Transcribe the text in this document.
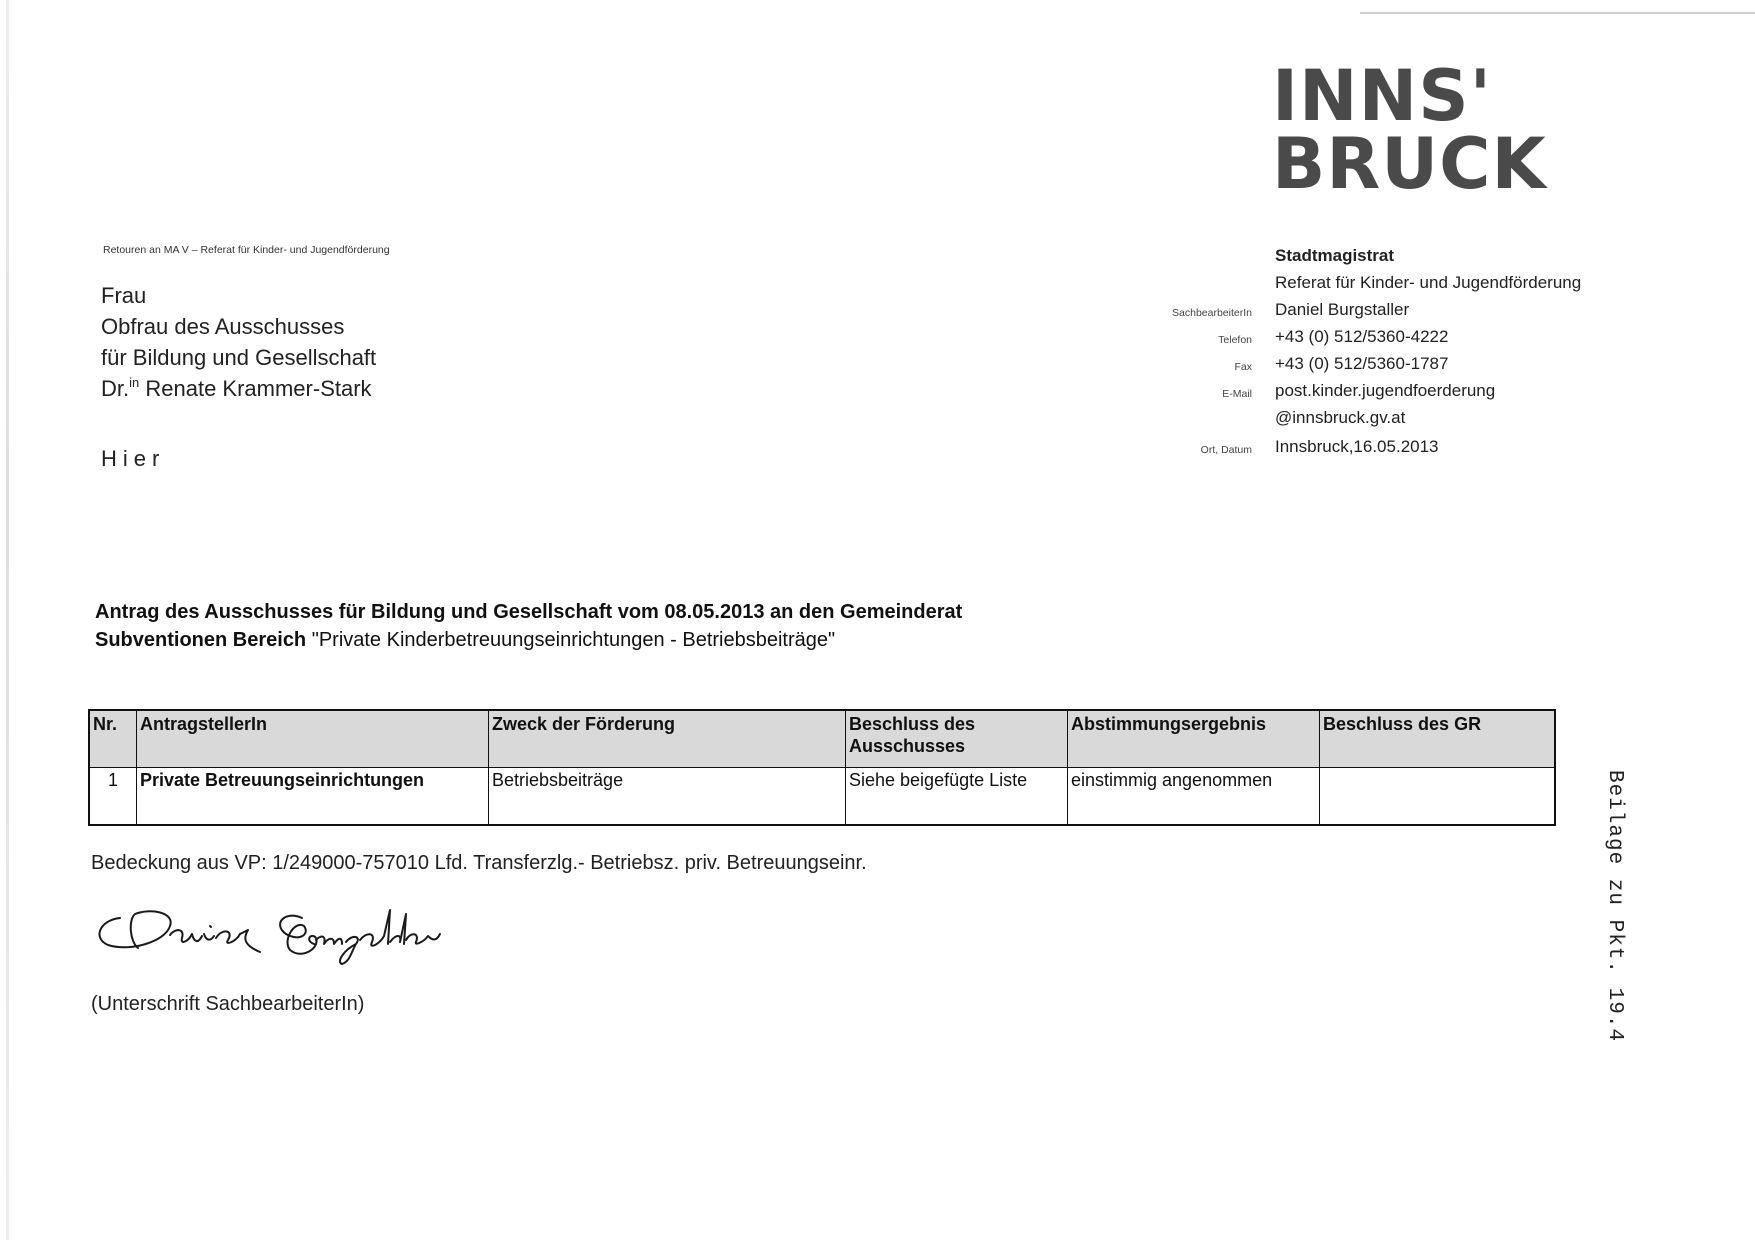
INNS'
BRUCK
Retouren an MA V – Referat für Kinder- und Jugendförderung
Frau
Obfrau des Ausschusses
für Bildung und Gesellschaft
Dr.$^{in}$ Renate Krammer-Stark
Hier
Stadtmagistrat
Referat für Kinder- und Jugendförderung
SachbearbeiterIn Daniel Burgstaller
Telefon +43 (0) 512/5360-4222
Fax +43 (0) 512/5360-1787
E-Mail post.kinder.jugendfoerderung
@innsbruck.gv.at
Ort, Datum Innsbruck,16.05.2013
Antrag des Ausschusses für Bildung und Gesellschaft vom 08.05.2013 an den Gemeinderat
Subventionen Bereich "Private Kinderbetreuungseinrichtungen - Betriebsbeiträge"
Nr.	AntragstellerIn	Zweck der Förderung	Beschluss des Ausschusses	Abstimmungsergebnis	Beschluss des GR
1	Private Betreuungseinrichtungen	Betriebsbeiträge	Siehe beigefügte Liste	einstimmig angenommen	
Bedeckung aus VP: 1/249000-757010 Lfd. Transferzlg.- Betriebsz. priv. Betreuungseinr.
(Unterschrift SachbearbeiterIn)	Beilage zu Pkt. 19.4
